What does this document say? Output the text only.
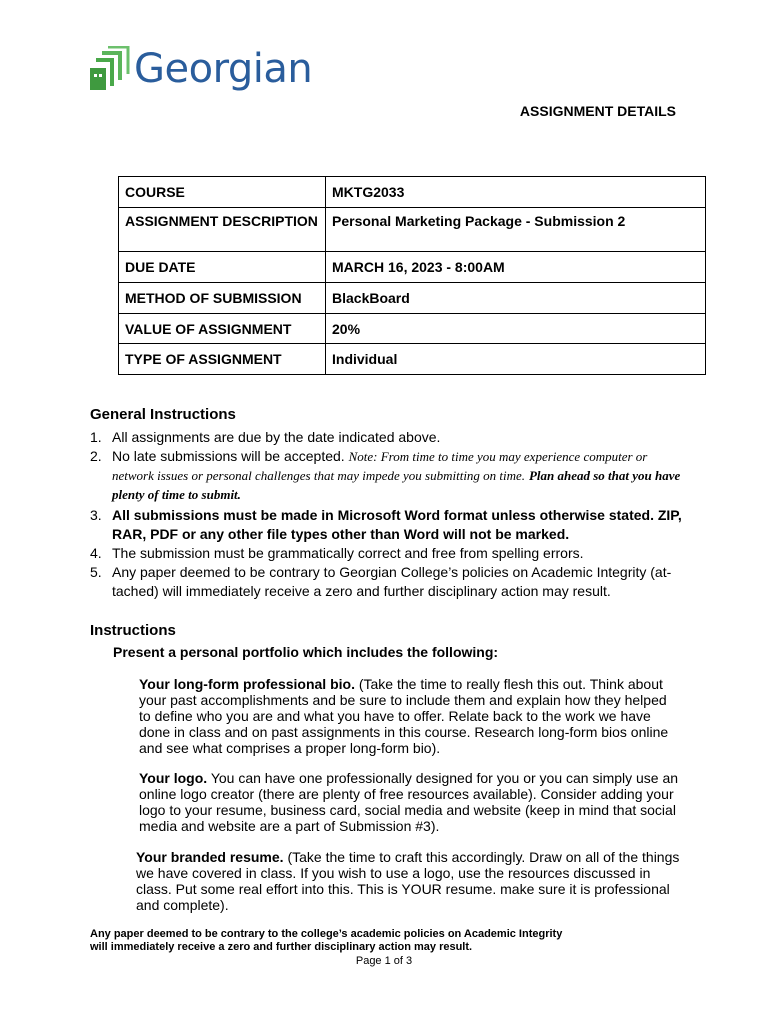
Georgian
ASSIGNMENT DETAILS
COURSE	MKTG2033
ASSIGNMENT DESCRIPTION	Personal Marketing Package - Submission 2
DUE DATE	MARCH 16, 2023 - 8:00AM
METHOD OF SUBMISSION	BlackBoard
VALUE OF ASSIGNMENT	20%
TYPE OF ASSIGNMENT	Individual
General Instructions
1. All assignments are due by the date indicated above.
2. No late submissions will be accepted. Note: From time to time you may experience computer or network issues or personal challenges that may impede you submitting on time. Plan ahead so that you have plenty of time to submit.
3. All submissions must be made in Microsoft Word format unless otherwise stated. ZIP, RAR, PDF or any other file types other than Word will not be marked.
4. The submission must be grammatically correct and free from spelling errors.
5. Any paper deemed to be contrary to Georgian College’s policies on Academic Integrity (at-tached) will immediately receive a zero and further disciplinary action may result.
Instructions
Present a personal portfolio which includes the following:
Your long-form professional bio. (Take the time to really flesh this out. Think about your past accomplishments and be sure to include them and explain how they helped to define who you are and what you have to offer. Relate back to the work we have done in class and on past assignments in this course. Research long-form bios online and see what comprises a proper long-form bio).
Your logo. You can have one professionally designed for you or you can simply use an online logo creator (there are plenty of free resources available). Consider adding your logo to your resume, business card, social media and website (keep in mind that social media and website are a part of Submission #3).
Your branded resume. (Take the time to craft this accordingly. Draw on all of the things we have covered in class. If you wish to use a logo, use the resources discussed in class. Put some real effort into this. This is YOUR resume. make sure it is professional and complete).
Any paper deemed to be contrary to the college’s academic policies on Academic Integrity
will immediately receive a zero and further disciplinary action may result.
Page 1 of 3
